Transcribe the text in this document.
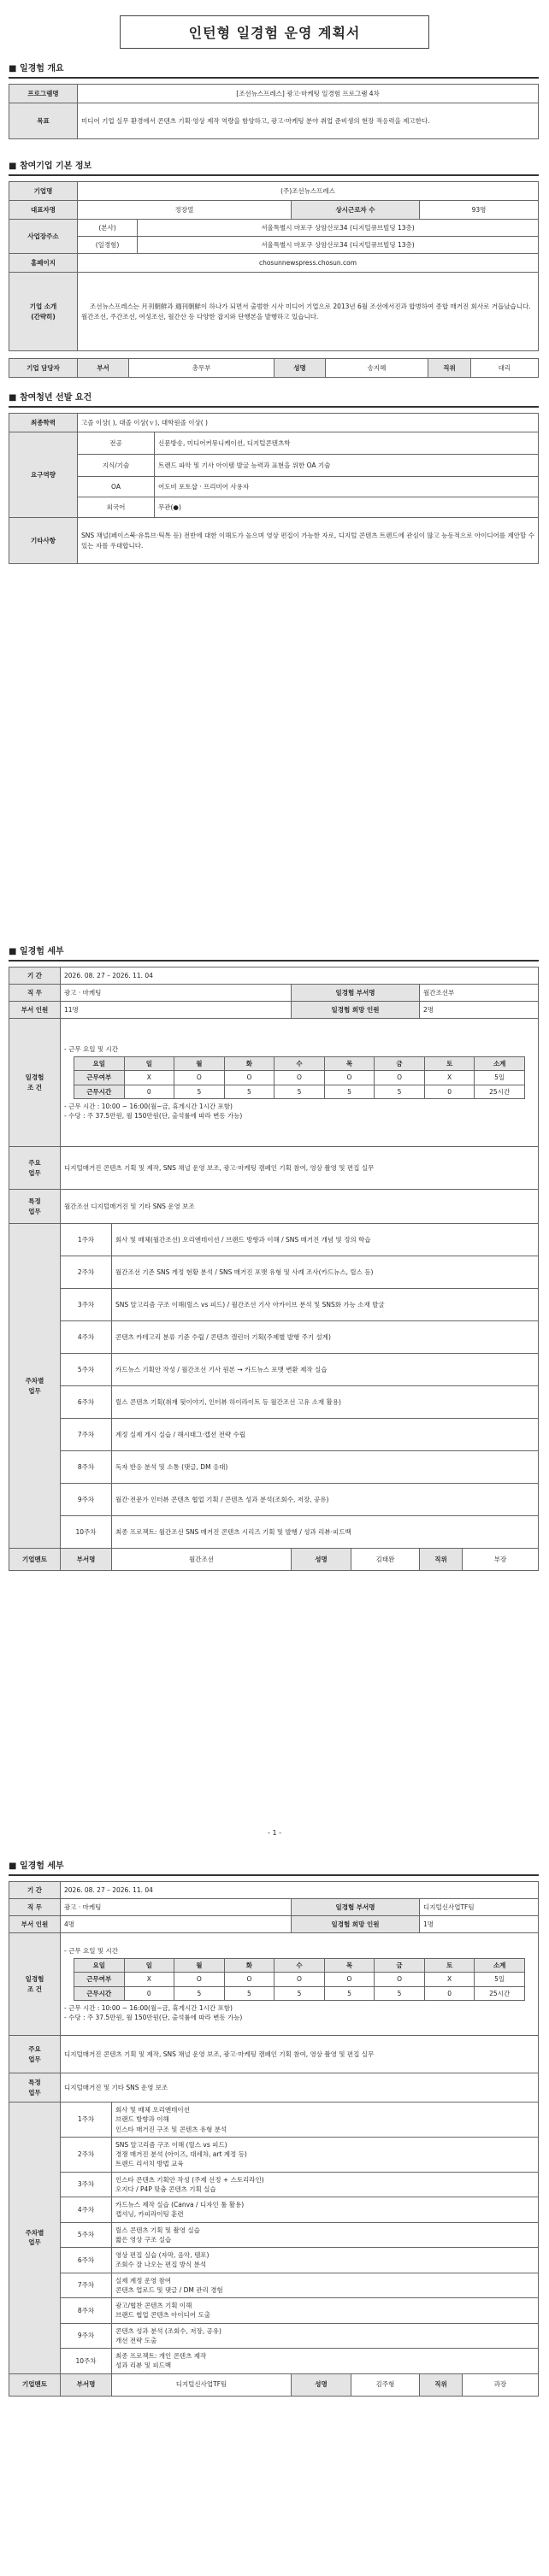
인턴형 일경험 운영 계획서
■ 일경험 개요
프로그램명	[조선뉴스프레스] 광고·마케팅 일경험 프로그램 4차
목표	미디어 기업 실무 환경에서 콘텐츠 기획·영상 제작 역량을 함양하고, 광고·마케팅 분야 취업 준비생의 현장 적응력을 제고한다.
■ 참여기업 기본 정보
기업명	(주)조선뉴스프레스			
대표자명	정장열		상시근로자 수	93명
사업장주소	(본사)	서울특별시 마포구 상암산로34 (디지털큐브빌딩 13층)		
	(일경험)	서울특별시 마포구 상암산로34 (디지털큐브빌딩 13층)		
홈페이지	chosunnewspress.chosun.com			
기업 소개
(간략히)	조선뉴스프레스는 月刊朝鮮과 週刊朝鮮이 하나가 되면서 출범한 시사 미디어 기업으로 2013년 6월 조선에서진과 합병하여 종합 매거진 회사로 거듭났습니다. 월간조선, 주간조선, 여성조선, 월간산 등 다양한 잡지와 단행본을 발행하고 있습니다.			
기업 담당자	부서	총무부	성명	송지혜	직위	대리
■ 참여청년 선발 요건
최종학력	고졸 이상( ), 대졸 이상(ｖ), 대학원졸 이상( )	
요구역량	전공	신문방송, 미디어커뮤니케이션, 디지털콘텐츠학
	지식/기술	트렌드 파악 및 기사 아이템 발굴 능력과 표현을 위한 OA 기술
	OA	어도비 포토샵 · 프리미어 사용자
	외국어	무관(●)
기타사항	SNS 채널(페이스북·유튜브·틱톡 등) 전반에 대한 이해도가 높으며 영상 편집이 가능한 자로, 디지털 콘텐츠 트렌드에 관심이 많고 능동적으로 아이디어를 제안할 수 있는 자를 우대합니다.	
■ 일경험 세부
기 간	2026. 08. 27 – 2026. 11. 04
직 무	광고 · 마케팅	일경험 부서명	월간조선부
부서 인원	11명	일경험 희망 인원	2명
일경험
조 건	
- 근무 요일 및 시간
요일	일	월	화	수	목	금	토	소계
근무여부	X	O	O	O	O	O	X	5일
근무시간	0	5	5	5	5	5	0	25시간
- 근무 시간 : 10:00 ~ 16:00(월~금, 휴게시간 1시간 포함)
- 수당 : 주 37.5만원, 월 150만원(단, 출석률에 따라 변동 가능)

주요
업무	디지털매거진 콘텐츠 기획 및 제작, SNS 채널 운영 보조, 광고·마케팅 캠페인 기획 참여, 영상 촬영 및 편집 실무
특정
업무	월간조선 디지털매거진 및 기타 SNS 운영 보조
주차별
업무	1주차	회사 및 매체(월간조선) 오리엔테이션 / 브랜드 방향과 이해 / SNS 매거진 개념 및 정의 학습
2주차	월간조선 기존 SNS 게정 현황 분석 / SNS 매거진 포맷 유형 및 사례 조사(카드뉴스, 릴스 등)
3주차	SNS 알고리즘 구조 이해(릴스 vs 피드) / 월간조선 기사 아카이브 분석 및 SNS화 가능 소재 발굴
4주차	콘텐츠 카테고리 분류 기준 수립 / 콘텐츠 캘린더 기획(주제별 발행 주기 설계)
5주차	카드뉴스 기획안 작성 / 월간조선 기사 원본 → 카드뉴스 포맷 변환 제작 실습
6주차	릴스 콘텐츠 기획(취재 뒷이야기, 인터뷰 하이라이트 등 월간조선 고유 소재 활용)
7주차	계정 실제 게시 실습 / 해시태그·캡션 전략 수립
8주차	독자 반응 분석 및 소통 (댓글, DM 응대)
9주차	월간·전문가 인터뷰 콘텐츠 협업 기획 / 콘텐츠 성과 분석(조회수, 저장, 공유)
10주차	최종 프로젝트: 월간조선 SNS 매거진 콘텐츠 시리즈 기획 및 발행 / 성과 리뷰·피드백
기업멘토	부서명	월간조선	성명	김태완	직위	부장
- 1 -
■ 일경험 세부
기 간	2026. 08. 27 – 2026. 11. 04
직 무	광고 · 마케팅	일경험 부서명	디지털신사업TF팀
부서 인원	4명	일경험 희망 인원	1명
일경험
조 건	
- 근무 요일 및 시간
요일	일	월	화	수	목	금	토	소계
근무여부	X	O	O	O	O	O	X	5일
근무시간	0	5	5	5	5	5	0	25시간
- 근무 시간 : 10:00 ~ 16:00(월~금, 휴게시간 1시간 포함)
- 수당 : 주 37.5만원, 월 150만원(단, 출석률에 따라 변동 가능)

주요
업무	디지털매거진 콘텐츠 기획 및 제작, SNS 채널 운영 보조, 광고·마케팅 캠페인 기획 참여, 영상 촬영 및 편집 실무
특정
업무	디지털매거진 및 기타 SNS 운영 보조
주차별
업무	1주차	회사 및 매체 오리엔테이션
브랜드 방향과 이해
인스타 매거진 구조 및 콘텐츠 유형 분석
2주차	SNS 알고리즘 구조 이해 (릴스 vs 피드)
경쟁 매거진 분석 (아이즈, 대세차, art 계정 등)
트렌드 리서치 방법 교육
3주차	인스타 콘텐츠 기획안 작성 (주제 선정 + 스토리라인)
오지다 / P4P 맞춤 콘텐츠 기획 실습
4주차	카드뉴스 제작 실습 (Canva / 디자인 툴 활용)
캡셔닝, 카피라이팅 훈련
5주차	릴스 콘텐츠 기획 및 촬영 실습
짧은 영상 구조 실습
6주차	영상 편집 실습 (자막, 음악, 템포)
조회수 잘 나오는 편집 방식 분석
7주차	실제 계정 운영 참여
콘텐츠 업로드 및 댓글 / DM 관리 경험
8주차	광고/협찬 콘텐츠 기획 이해
브랜드 협업 콘텐츠 아이디어 도출
9주차	콘텐츠 성과 분석 (조회수, 저장, 공유)
개선 전략 도출
10주차	최종 프로젝트: 개인 콘텐츠 제작
성과 리뷰 및 피드백
기업멘토	부서명	디지털신사업TF팀	성명	김주형	직위	과장
